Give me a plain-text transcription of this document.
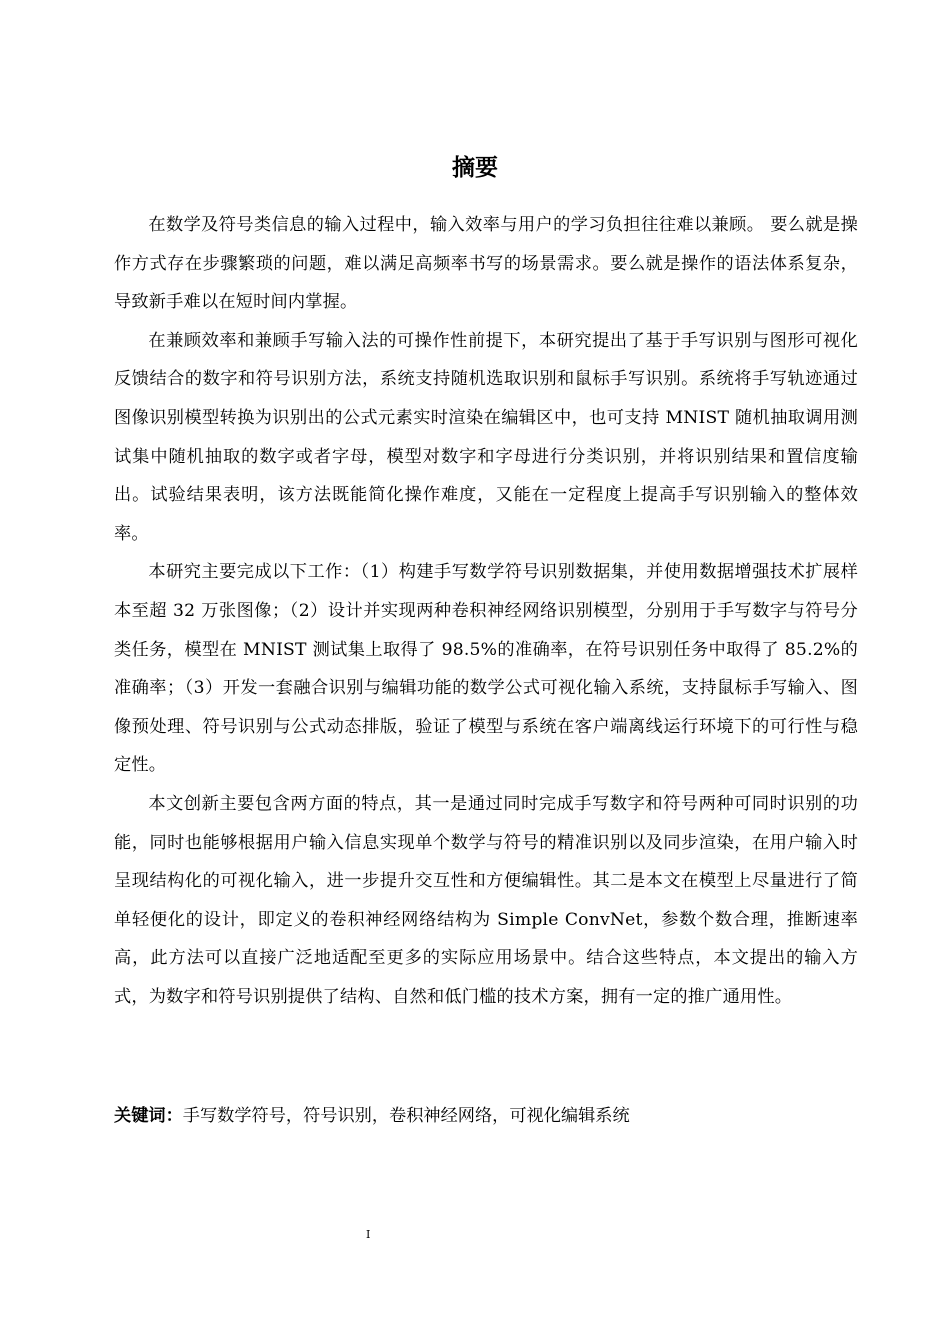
摘要

在数学及符号类信息的输入过程中，输入效率与用户的学习负担往往难以兼顾。 要么就是操作方式存在步骤繁琐的问题，难以满足高频率书写的场景需求。要么就是操作的语法体系复杂，导致新手难以在短时间内掌握。

在兼顾效率和兼顾手写输入法的可操作性前提下，本研究提出了基于手写识别与图形可视化反馈结合的数字和符号识别方法，系统支持随机选取识别和鼠标手写识别。系统将手写轨迹通过图像识别模型转换为识别出的公式元素实时渲染在编辑区中，也可支持 MNIST 随机抽取调用测试集中随机抽取的数字或者字母，模型对数字和字母进行分类识别，并将识别结果和置信度输出。试验结果表明，该方法既能简化操作难度，又能在一定程度上提高手写识别输入的整体效率。

本研究主要完成以下工作：（1）构建手写数学符号识别数据集，并使用数据增强技术扩展样本至超 32 万张图像；（2）设计并实现两种卷积神经网络识别模型，分别用于手写数字与符号分类任务，模型在 MNIST 测试集上取得了 98.5%的准确率，在符号识别任务中取得了 85.2%的准确率；（3）开发一套融合识别与编辑功能的数学公式可视化输入系统，支持鼠标手写输入、图像预处理、符号识别与公式动态排版，验证了模型与系统在客户端离线运行环境下的可行性与稳定性。

本文创新主要包含两方面的特点，其一是通过同时完成手写数字和符号两种可同时识别的功能，同时也能够根据用户输入信息实现单个数学与符号的精准识别以及同步渲染，在用户输入时呈现结构化的可视化输入，进一步提升交互性和方便编辑性。其二是本文在模型上尽量进行了简单轻便化的设计，即定义的卷积神经网络结构为 Simple ConvNet，参数个数合理，推断速率高，此方法可以直接广泛地适配至更多的实际应用场景中。结合这些特点，本文提出的输入方式，为数字和符号识别提供了结构、自然和低门槛的技术方案，拥有一定的推广通用性。

关键词：手写数学符号，符号识别，卷积神经网络，可视化编辑系统

I
